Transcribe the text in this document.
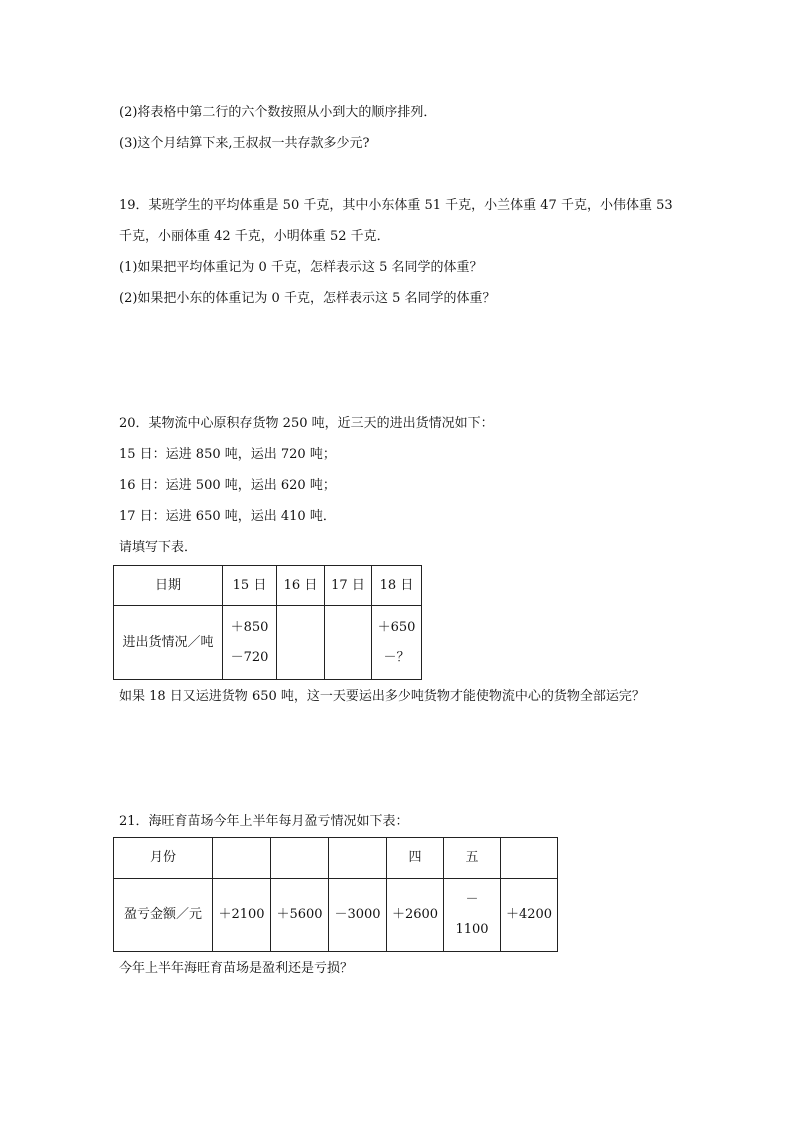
(2)将表格中第二行的六个数按照从小到大的顺序排列．
(3)这个月结算下来,王叔叔一共存款多少元?
19．某班学生的平均体重是 50 千克，其中小东体重 51 千克，小兰体重 47 千克，小伟体重 53
千克，小丽体重 42 千克，小明体重 52 千克．
(1)如果把平均体重记为 0 千克，怎样表示这 5 名同学的体重？
(2)如果把小东的体重记为 0 千克，怎样表示这 5 名同学的体重？
20．某物流中心原积存货物 250 吨，近三天的进出货情况如下：
15 日：运进 850 吨，运出 720 吨；
16 日：运进 500 吨，运出 620 吨；
17 日：运进 650 吨，运出 410 吨．
请填写下表．
日期	15 日	16 日	17 日	18 日
进出货情况／吨	＋850
－720			＋650
－？
如果 18 日又运进货物 650 吨，这一天要运出多少吨货物才能使物流中心的货物全部运完？
21．海旺育苗场今年上半年每月盈亏情况如下表：
月份				四	五	
盈亏金额／元	＋2100	＋5600	－3000	＋2600	－
1100	＋4200
今年上半年海旺育苗场是盈利还是亏损？
